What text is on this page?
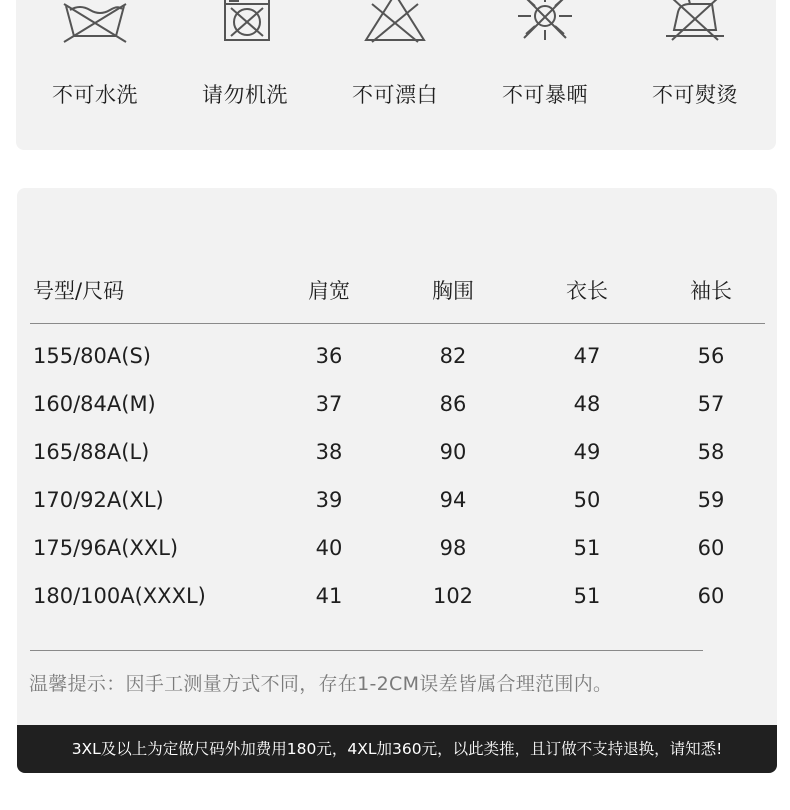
不可水洗	请勿机洗	不可漂白	不可暴晒	不可熨烫
号型/尺码	肩宽	胸围	衣长	袖长
155/80A(S)	36	82	47	56
160/84A(M)	37	86	48	57
165/88A(L)	38	90	49	58
170/92A(XL)	39	94	50	59
175/96A(XXL)	40	98	51	60
180/100A(XXXL)	41	102	51	60
温馨提示：因手工测量方式不同，存在1-2CM误差皆属合理范围内。
3XL及以上为定做尺码外加费用180元，4XL加360元，以此类推，且订做不支持退换，请知悉!
